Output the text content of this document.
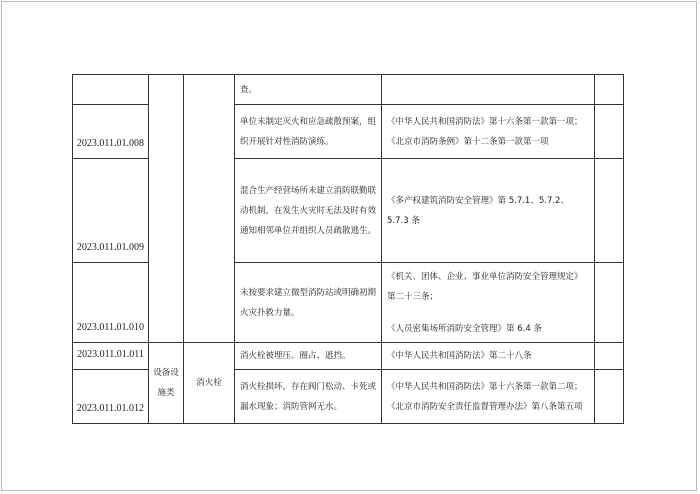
			查。		
2023.011.01.008			单位未制定灭火和应急疏散预案，组织开展针对性消防演练。	《中华人民共和国消防法》第十六条第一款第一项；《北京市消防条例》第十二条第一款第一项	
2023.011.01.009			混合生产经营场所未建立消防联勤联动机制，在发生火灾时无法及时有效通知相邻单位并组织人员疏散逃生。	《多产权建筑消防安全管理》第 5.7.1、5.7.2、5.7.3 条	
2023.011.01.010			未按要求建立微型消防站或明确初期火灾扑救力量。	《机关、团体、企业、事业单位消防安全管理规定》第二十三条；

《人员密集场所消防安全管理》第 6.4 条	

2023.011.01.011	设备设施类	消火栓	消火栓被埋压、圈占、遮挡。	《中华人民共和国消防法》第二十八条	
2023.011.01.012			消火栓损坏，存在阀门松动、卡死或漏水现象；消防管网无水。	《中华人民共和国消防法》第十六条第一款第二项；《北京市消防安全责任监督管理办法》第八条第五项	
